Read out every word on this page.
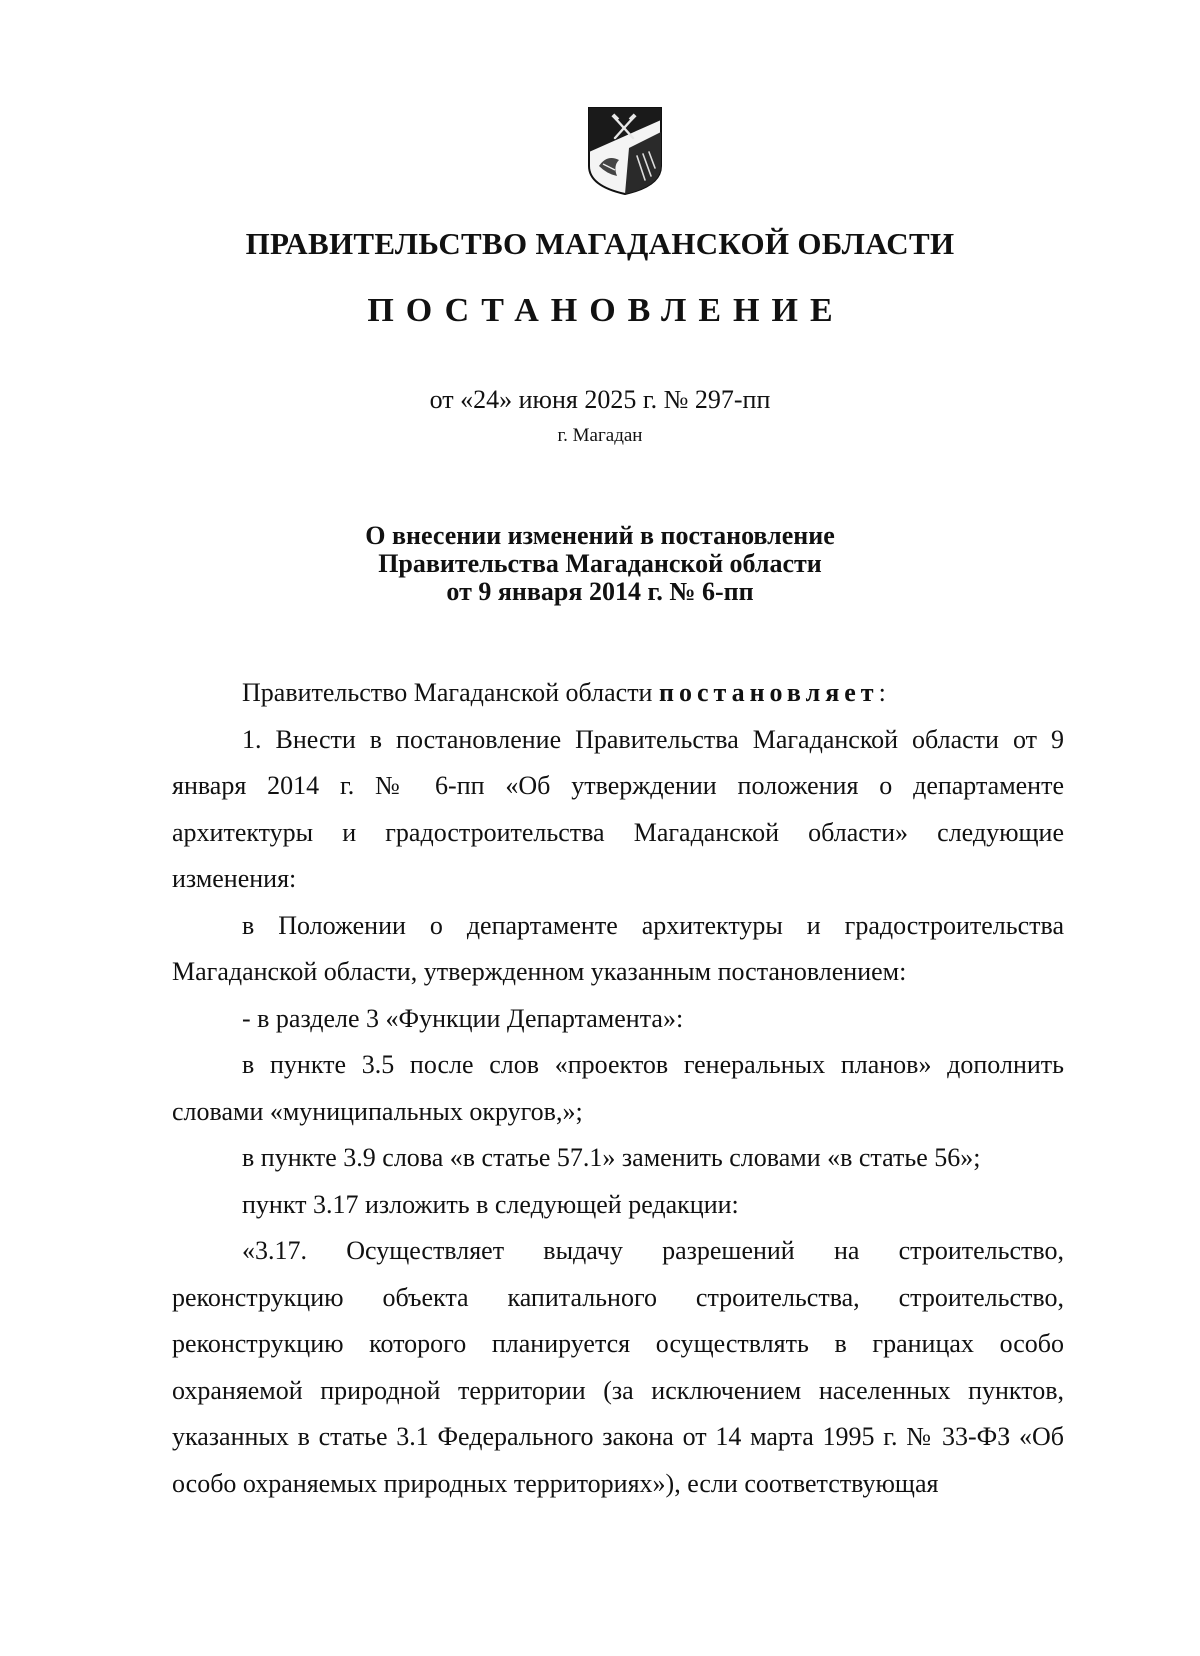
ПРАВИТЕЛЬСТВО МАГАДАНСКОЙ ОБЛАСТИ
ПОСТАНОВЛЕНИЕ
от «24» июня 2025 г. № 297-пп
г. Магадан
О внесении изменений в постановление
Правительства Магаданской области
от 9 января 2014 г. № 6-пп

Правительство Магаданской области постановляет:

1. Внести в постановление Правительства Магаданской области от 9 января 2014 г. № 6-пп «Об утверждении положения о департаменте архитектуры и градостроительства Магаданской области» следующие изменения:

в Положении о департаменте архитектуры и градостроительства Магаданской области, утвержденном указанным постановлением:

- в разделе 3 «Функции Департамента»:

в пункте 3.5 после слов «проектов генеральных планов» дополнить словами «муниципальных округов,»;

в пункте 3.9 слова «в статье 57.1» заменить словами «в статье 56»;

пункт 3.17 изложить в следующей редакции:

«3.17. Осуществляет выдачу разрешений на строительство, реконструкцию объекта капитального строительства, строительство, реконструкцию которого планируется осуществлять в границах особо охраняемой природной территории (за исключением населенных пунктов, указанных в статье 3.1 Федерального закона от 14 марта 1995 г. № 33-ФЗ «Об особо охраняемых природных территориях»), если соответствующая
